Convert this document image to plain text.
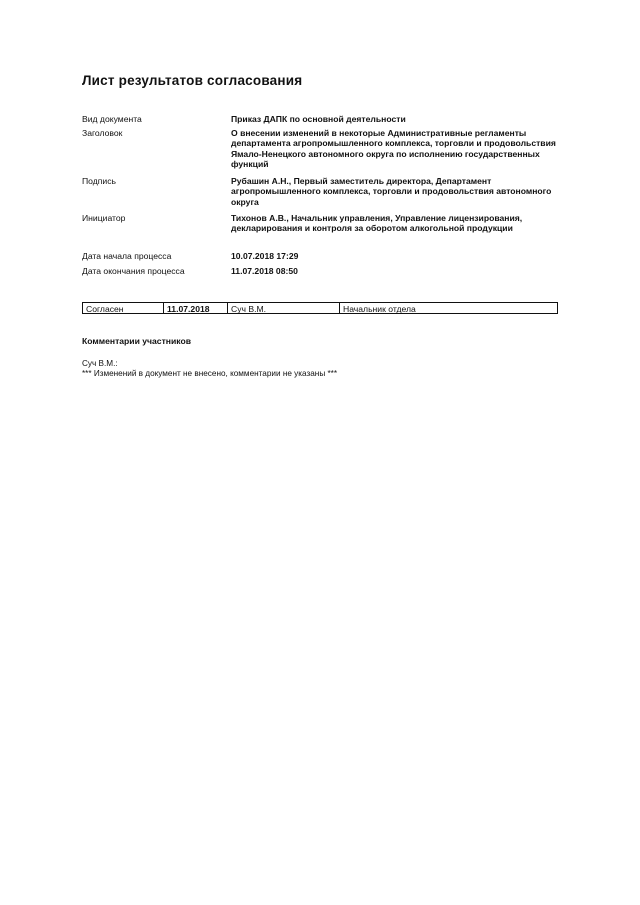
Лист результатов согласования
Вид документа	Приказ ДАПК по основной деятельности
Заголовок	О внесении изменений в некоторые Административные регламенты департамента агропромышленного комплекса, торговли и продовольствия Ямало-Ненецкого автономного округа по исполнению государственных функций
Подпись	Рубашин А.Н., Первый заместитель директора, Департамент агропромышленного комплекса, торговли и продовольствия автономного округа
Инициатор	Тихонов А.В., Начальник управления, Управление лицензирования, декларирования и контроля за оборотом алкогольной продукции
Дата начала процесса	10.07.2018 17:29
Дата окончания процесса	11.07.2018 08:50
Согласен	11.07.2018	Суч В.М.	Начальник отдела
Комментарии участников
Суч В.М.:
*** Изменений в документ не внесено, комментарии не указаны ***
